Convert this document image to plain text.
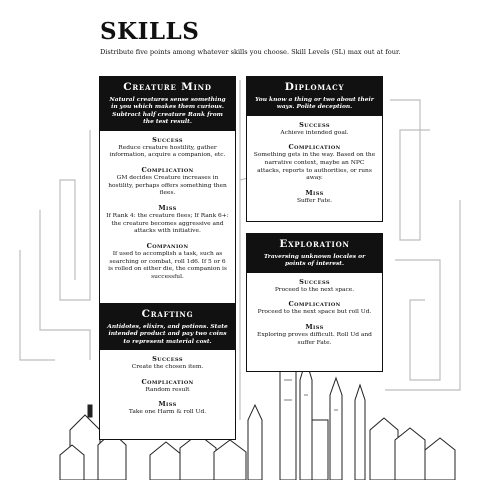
SKILLS

Distribute five points among whatever skills you choose. Skill Levels (SL) max out at four.

Creature Mind
Natural creatures sense something in you which makes them curious. Subtract half creature Rank from the test result.
Success
Reduce creature hostility, gather information, acquire a companion, etc.
Complication
GM decides Creature increases in hostility, perhaps offers something then flees.
Miss
If Rank 4: the creature flees; If Rank 6+: the creature becomes aggressive and attacks with initiative.
Companion
If used to accomplish a task, such as searching or combat, roll 1d6. If 5 or 6 is rolled on either die, the companion is successful.
Diplomacy
You know a thing or two about their ways. Polite deception.
Success
Achieve intended goal.
Complication
Something gets in the way. Based on the narrative context, maybe an NPC attacks, reports to authorities, or runs away.
Miss
Suffer Fate.
Exploration
Traversing unknown locales or points of interest.
Success
Proceed to the next space.
Complication
Proceed to the next space but roll Ud.
Miss
Exploring proves difficult. Roll Ud and suffer Fate.
Crafting
Antidotes, elixirs, and potions. State intended product and pay two coins to represent material cost.
Success
Create the chosen item.
Complication
Random result
Miss
Take one Harm & roll Ud.
